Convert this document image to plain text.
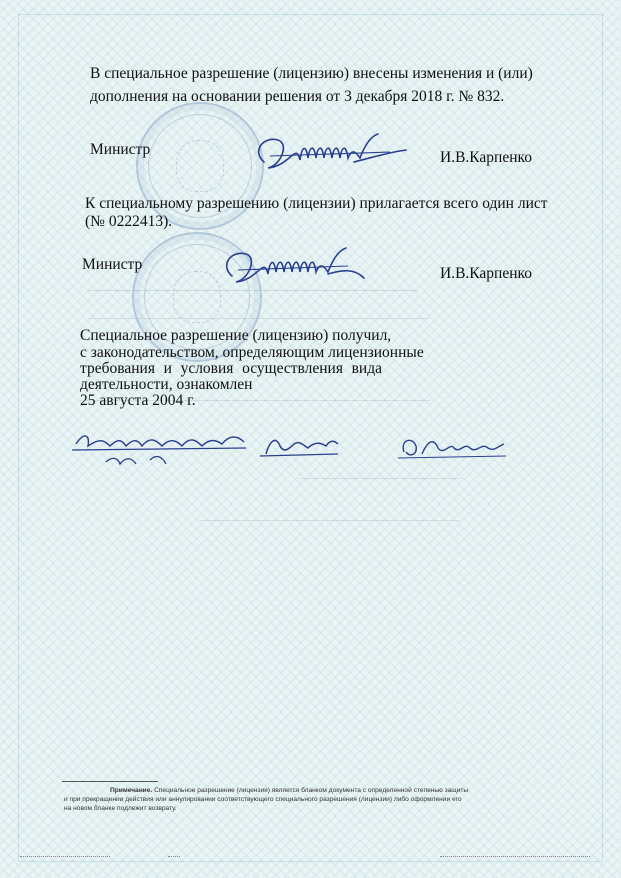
В специальное разрешение (лицензию) внесены изменения и (или)
дополнения на основании решения от 3 декабря 2018 г. № 832.
Министр	И.В.Карпенко
К специальному разрешению (лицензии) прилагается всего один лист
(№ 0222413).
Министр
И.В.Карпенко
Специальное разрешение (лицензию) получил,
с законодательством, определяющим лицензионные
требования и условия осуществления вида
деятельности, ознакомлен
25 августа 2004 г.
Примечание. Специальное разрешение (лицензия) является бланком документа с определенной степенью защиты
и при прекращении действия или аннулировании соответствующего специального разрешения (лицензии) либо оформлении его
на новом бланке подлежит возврату.
